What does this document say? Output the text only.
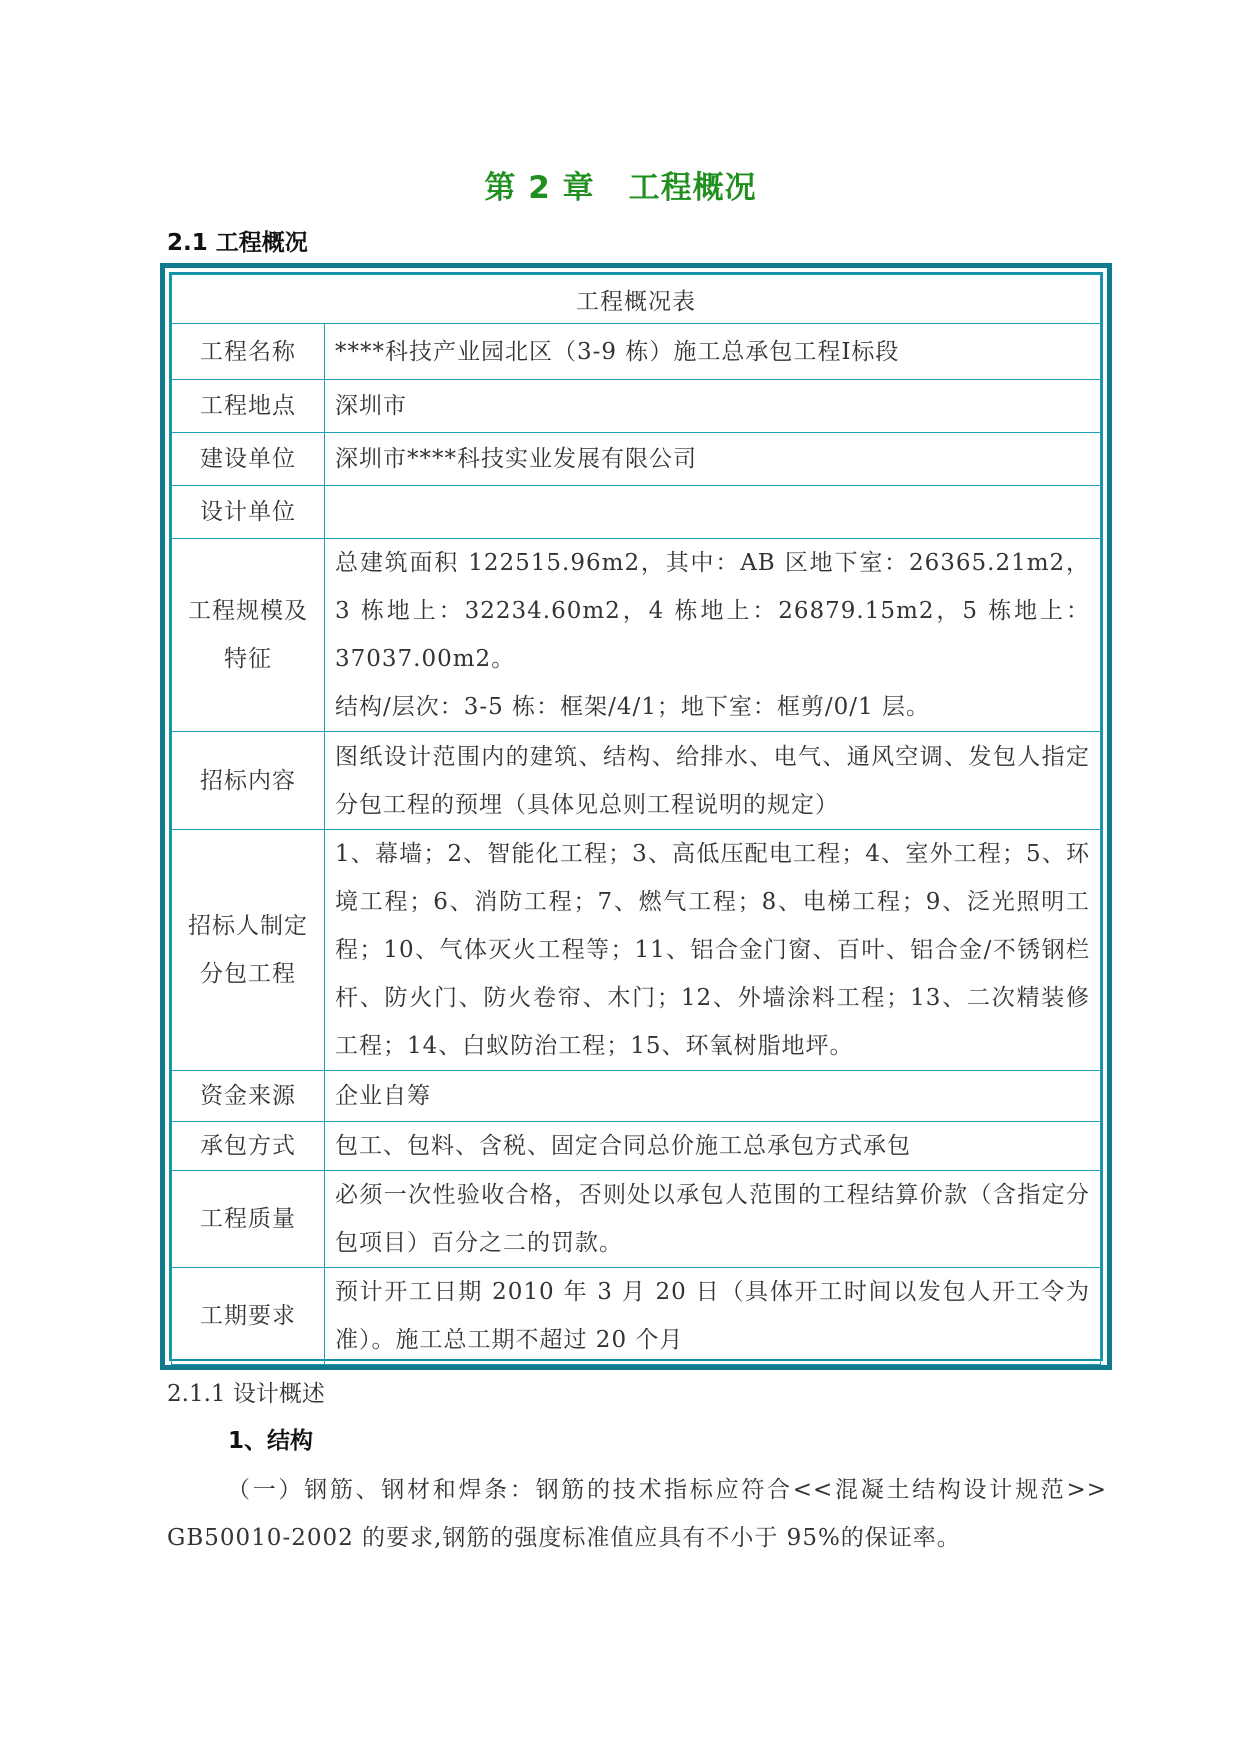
第 2 章 工程概况
2.1 工程概况
工程概况表	
工程名称	****科技产业园北区（3-9 栋）施工总承包工程Ⅰ标段
工程地点	深圳市
建设单位	深圳市****科技实业发展有限公司
设计单位	
工程规模及特征	总建筑面积 122515.96m2，其中：AB 区地下室：26365.21m2，3 栋地上：32234.60m2，4 栋地上：26879.15m2，5 栋地上：37037.00m2。
结构/层次：3-5 栋：框架/4/1；地下室：框剪/0/1 层。

招标内容	图纸设计范围内的建筑、结构、给排水、电气、通风空调、发包人指定分包工程的预埋（具体见总则工程说明的规定）
招标人制定分包工程	1、幕墙；2、智能化工程；3、高低压配电工程；4、室外工程；5、环境工程；6、消防工程；7、燃气工程；8、电梯工程；9、泛光照明工程；10、气体灭火工程等；11、铝合金门窗、百叶、铝合金/不锈钢栏杆、防火门、防火卷帘、木门；12、外墙涂料工程；13、二次精装修工程；14、白蚁防治工程；15、环氧树脂地坪。
资金来源	企业自筹
承包方式	包工、包料、含税、固定合同总价施工总承包方式承包
工程质量	必须一次性验收合格，否则处以承包人范围的工程结算价款（含指定分包项目）百分之二的罚款。
工期要求	预计开工日期 2010 年 3 月 20 日（具体开工时间以发包人开工令为准）。施工总工期不超过 20 个月
2.1.1 设计概述
1、结构
（一）钢筋、钢材和焊条：钢筋的技术指标应符合<<混凝土结构设计规范>> GB50010-2002 的要求,钢筋的强度标准值应具有不小于 95%的保证率。
